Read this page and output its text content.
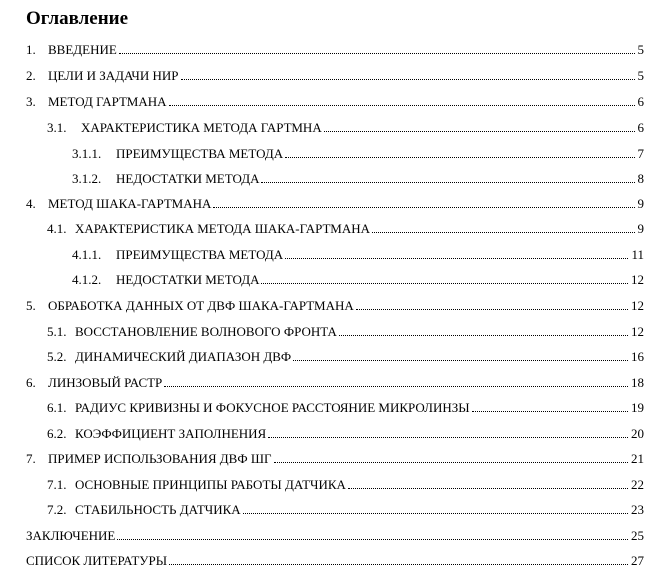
Оглавление
1. ВВЕДЕНИЕ	5
2. ЦЕЛИ И ЗАДАЧИ НИР	5
3. МЕТОД ГАРТМАНА	6
3.1.	ХАРАКТЕРИСТИКА МЕТОДА ГАРТМНА	6
3.1.1.	ПРЕИМУЩЕСТВА МЕТОДА	7
3.1.2.	НЕДОСТАТКИ МЕТОДА	8
4. МЕТОД ШАКА-ГАРТМАНА	9
4.1. ХАРАКТЕРИСТИКА МЕТОДА ШАКА-ГАРТМАНА	9
4.1.1.	ПРЕИМУЩЕСТВА МЕТОДА	11
4.1.2.	НЕДОСТАТКИ МЕТОДА	12
5. ОБРАБОТКА ДАННЫХ ОТ ДВФ ШАКА-ГАРТМАНА	12
5.1. ВОССТАНОВЛЕНИЕ ВОЛНОВОГО ФРОНТА	12
5.2. ДИНАМИЧЕСКИЙ ДИАПАЗОН ДВФ	16
6. ЛИНЗОВЫЙ РАСТР	18
6.1. РАДИУС КРИВИЗНЫ И ФОКУСНОЕ РАССТОЯНИЕ МИКРОЛИНЗЫ	19
6.2. КОЭФФИЦИЕНТ ЗАПОЛНЕНИЯ	20
7. ПРИМЕР ИСПОЛЬЗОВАНИЯ ДВФ ШГ	21
7.1. ОСНОВНЫЕ ПРИНЦИПЫ РАБОТЫ ДАТЧИКА	22
7.2. СТАБИЛЬНОСТЬ ДАТЧИКА	23
ЗАКЛЮЧЕНИЕ	25
СПИСОК ЛИТЕРАТУРЫ	27
